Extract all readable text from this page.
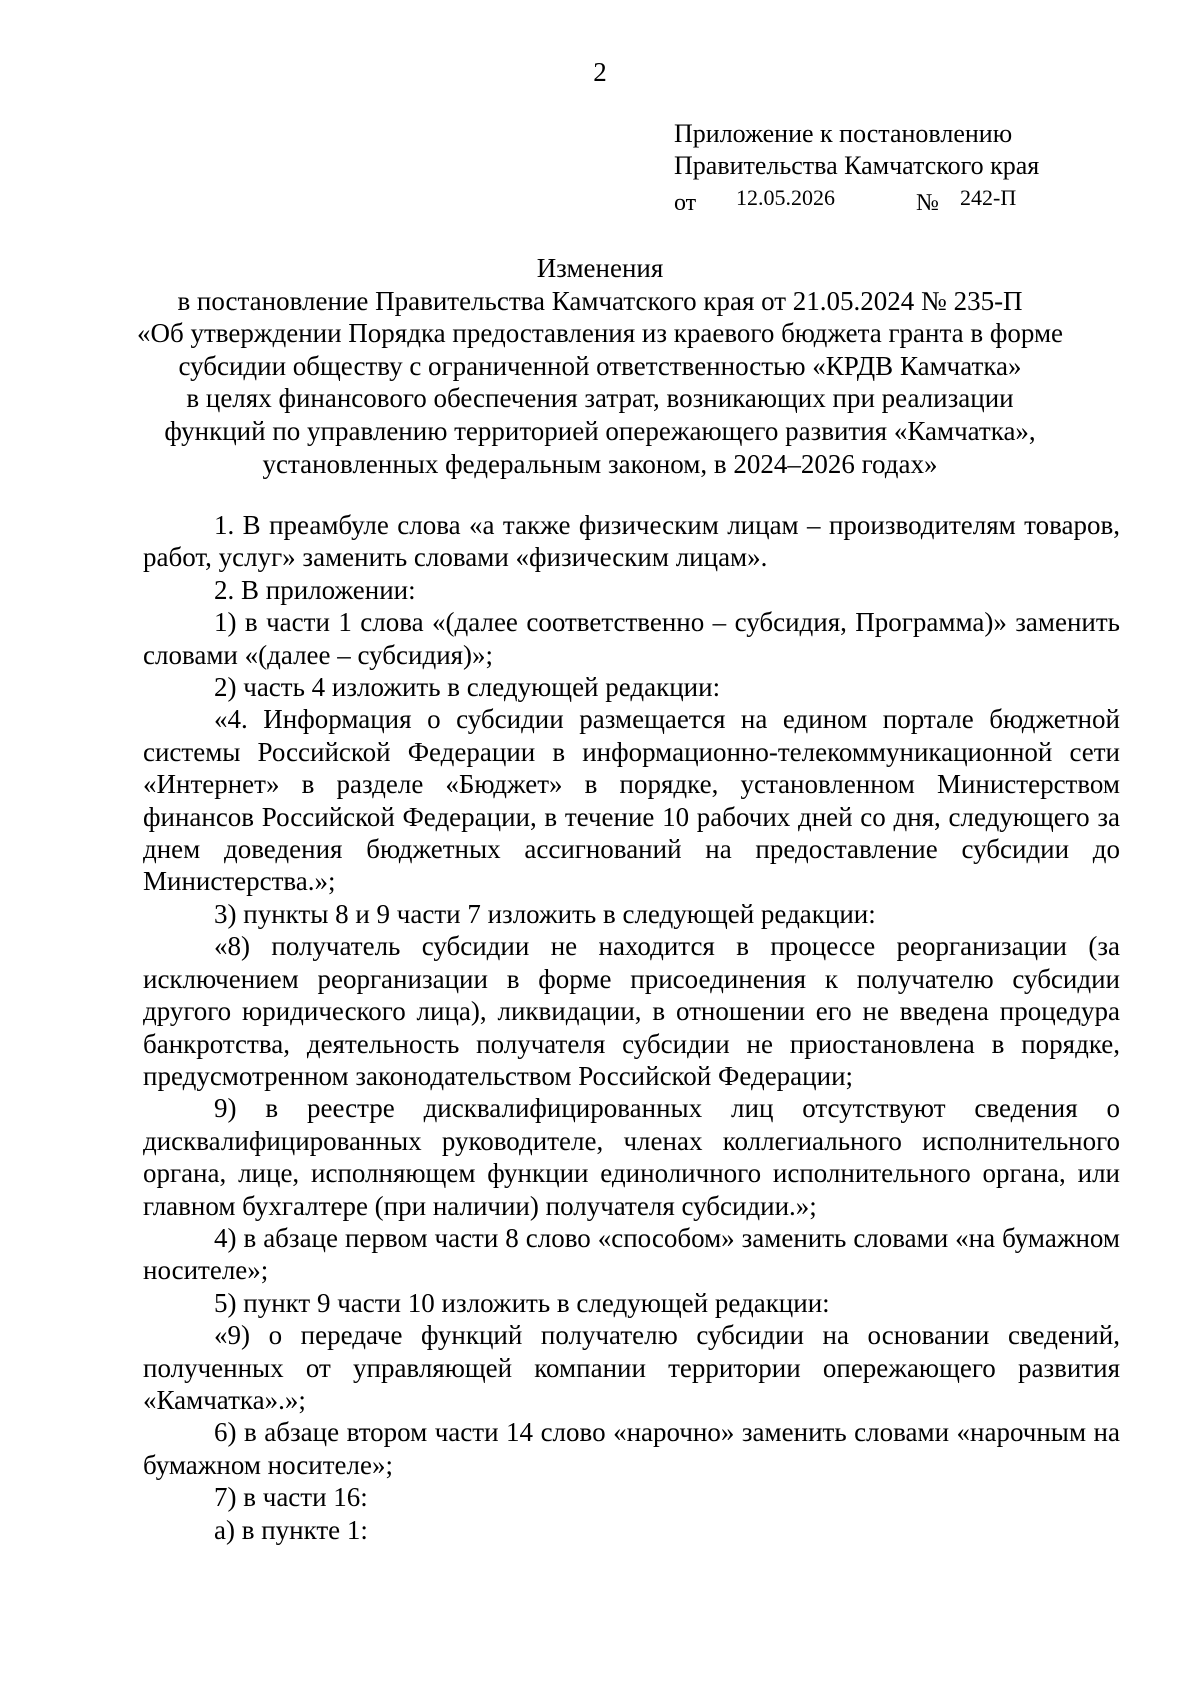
2
Приложение к постановлению
Правительства Камчатского края
от 12.05.2026	№ 242-П
Изменения
в постановление Правительства Камчатского края от 21.05.2024 № 235-П
«Об утверждении Порядка предоставления из краевого бюджета гранта в форме
субсидии обществу с ограниченной ответственностью «КРДВ Камчатка»
в целях финансового обеспечения затрат, возникающих при реализации
функций по управлению территорией опережающего развития «Камчатка»,
установленных федеральным законом, в 2024–2026 годах»

1. В преамбуле слова «а также физическим лицам – производителям товаров, работ, услуг» заменить словами «физическим лицам».

2. В приложении:

1) в части 1 слова «(далее соответственно – субсидия, Программа)» заменить словами «(далее – субсидия)»;

2) часть 4 изложить в следующей редакции:

«4. Информация о субсидии размещается на едином портале бюджетной системы Российской Федерации в информационно-телекоммуникационной сети «Интернет» в разделе «Бюджет» в порядке, установленном Министерством финансов Российской Федерации, в течение 10 рабочих дней со дня, следующего за днем доведения бюджетных ассигнований на предоставление субсидии до Министерства.»;

3) пункты 8 и 9 части 7 изложить в следующей редакции:

«8) получатель субсидии не находится в процессе реорганизации (за исключением реорганизации в форме присоединения к получателю субсидии другого юридического лица), ликвидации, в отношении его не введена процедура банкротства, деятельность получателя субсидии не приостановлена в порядке, предусмотренном законодательством Российской Федерации;

9) в реестре дисквалифицированных лиц отсутствуют сведения о дисквалифицированных руководителе, членах коллегиального исполнительного органа, лице, исполняющем функции единоличного исполнительного органа, или главном бухгалтере (при наличии) получателя субсидии.»;

4) в абзаце первом части 8 слово «способом» заменить словами «на бумажном носителе»;

5) пункт 9 части 10 изложить в следующей редакции:

«9) о передаче функций получателю субсидии на основании сведений, полученных от управляющей компании территории опережающего развития «Камчатка».»;

6) в абзаце втором части 14 слово «нарочно» заменить словами «нарочным на бумажном носителе»;

7) в части 16:

а) в пункте 1:
